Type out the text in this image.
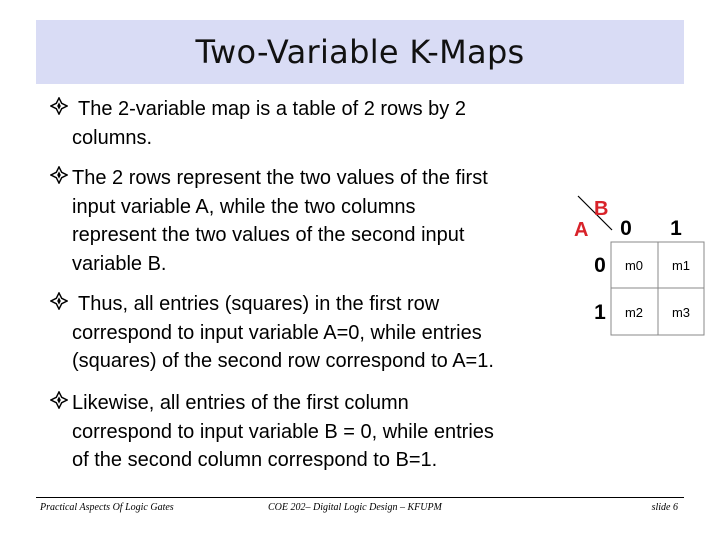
Two-Variable K-Maps
The 2-variable map is a table of 2 rows by 2
columns.
The 2 rows represent the two values of the first
input variable A, while the two columns
represent the two values of the second input
variable B.
Thus, all entries (squares) in the first row
correspond to input variable A=0, while entries
(squares) of the second row correspond to A=1.
Likewise, all entries of the first column
correspond to input variable B = 0, while entries
of the second column correspond to B=1.
B
A 0 1
0
1
m0 m1
m2 m3
Practical Aspects Of Logic Gates	COE 202– Digital Logic Design – KFUPM	slide 6
